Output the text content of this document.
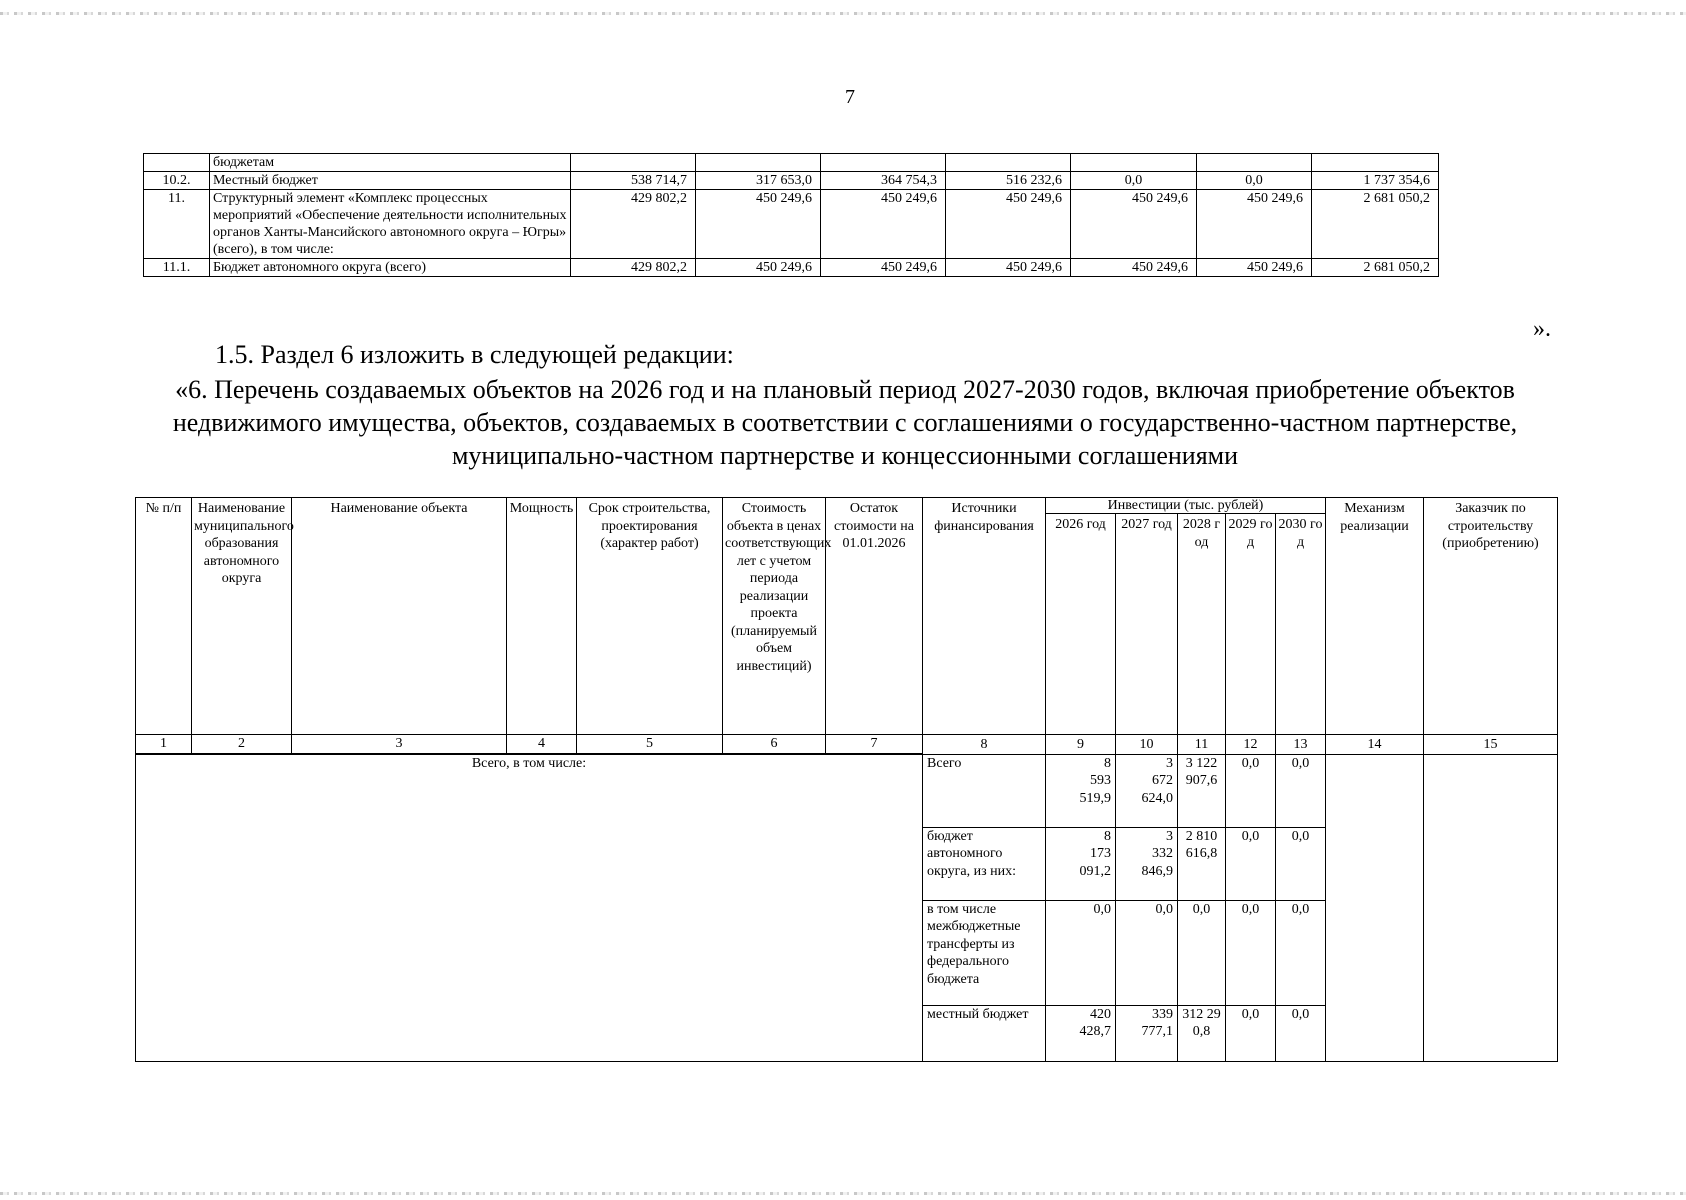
7
	бюджетам							
10.2.	Местный бюджет	538 714,7	317 653,0	364 754,3	516 232,6	0,0	0,0	1 737 354,6
11.	Структурный элемент «Комплекс процессных мероприятий «Обеспечение деятельности исполнительных органов Ханты-Мансийского автономного округа – Югры» (всего), в том числе:	429 802,2	450 249,6	450 249,6	450 249,6	450 249,6	450 249,6	2 681 050,2
11.1.	Бюджет автономного округа (всего)	429 802,2	450 249,6	450 249,6	450 249,6	450 249,6	450 249,6	2 681 050,2
».
1.5. Раздел 6 изложить в следующей редакции:
«6. Перечень создаваемых объектов на 2026 год и на плановый период 2027-2030 годов, включая приобретение объектов недвижимого имущества, объектов, создаваемых в соответствии с соглашениями о государственно-частном партнерстве, муниципально-частном партнерстве и концессионными соглашениями
№ п/п	Наименование муниципального образования автономного округа	Наименование объекта	Мощность	Срок строительства, проектирования (характер работ)	Стоимость объекта в ценах соответствующих лет с учетом периода реализации проекта (планируемый объем инвестиций)	Остаток стоимости на 01.01.2026	Источники финансирования	Инвестиции (тыс. рублей)					Механизм реализации	Заказчик по строительству (приобретению)
								2026 год	2027 год	2028 год	2029 год	2030 год		
1	2	3	4	5	6	7	8	9	10	11	12	13	14	15
Всего, в том числе:							Всего	8 593 519,9	3 672 624,0	3 122 907,6	0,0	0,0		
							бюджет автономного округа, из них:	8 173 091,2	3 332 846,9	2 810 616,8	0,0	0,0		
							в том числе межбюджетные трансферты из федерального бюджета	0,0	0,0	0,0	0,0	0,0		
							местный бюджет	420 428,7	339 777,1	312 290,8	0,0	0,0		
